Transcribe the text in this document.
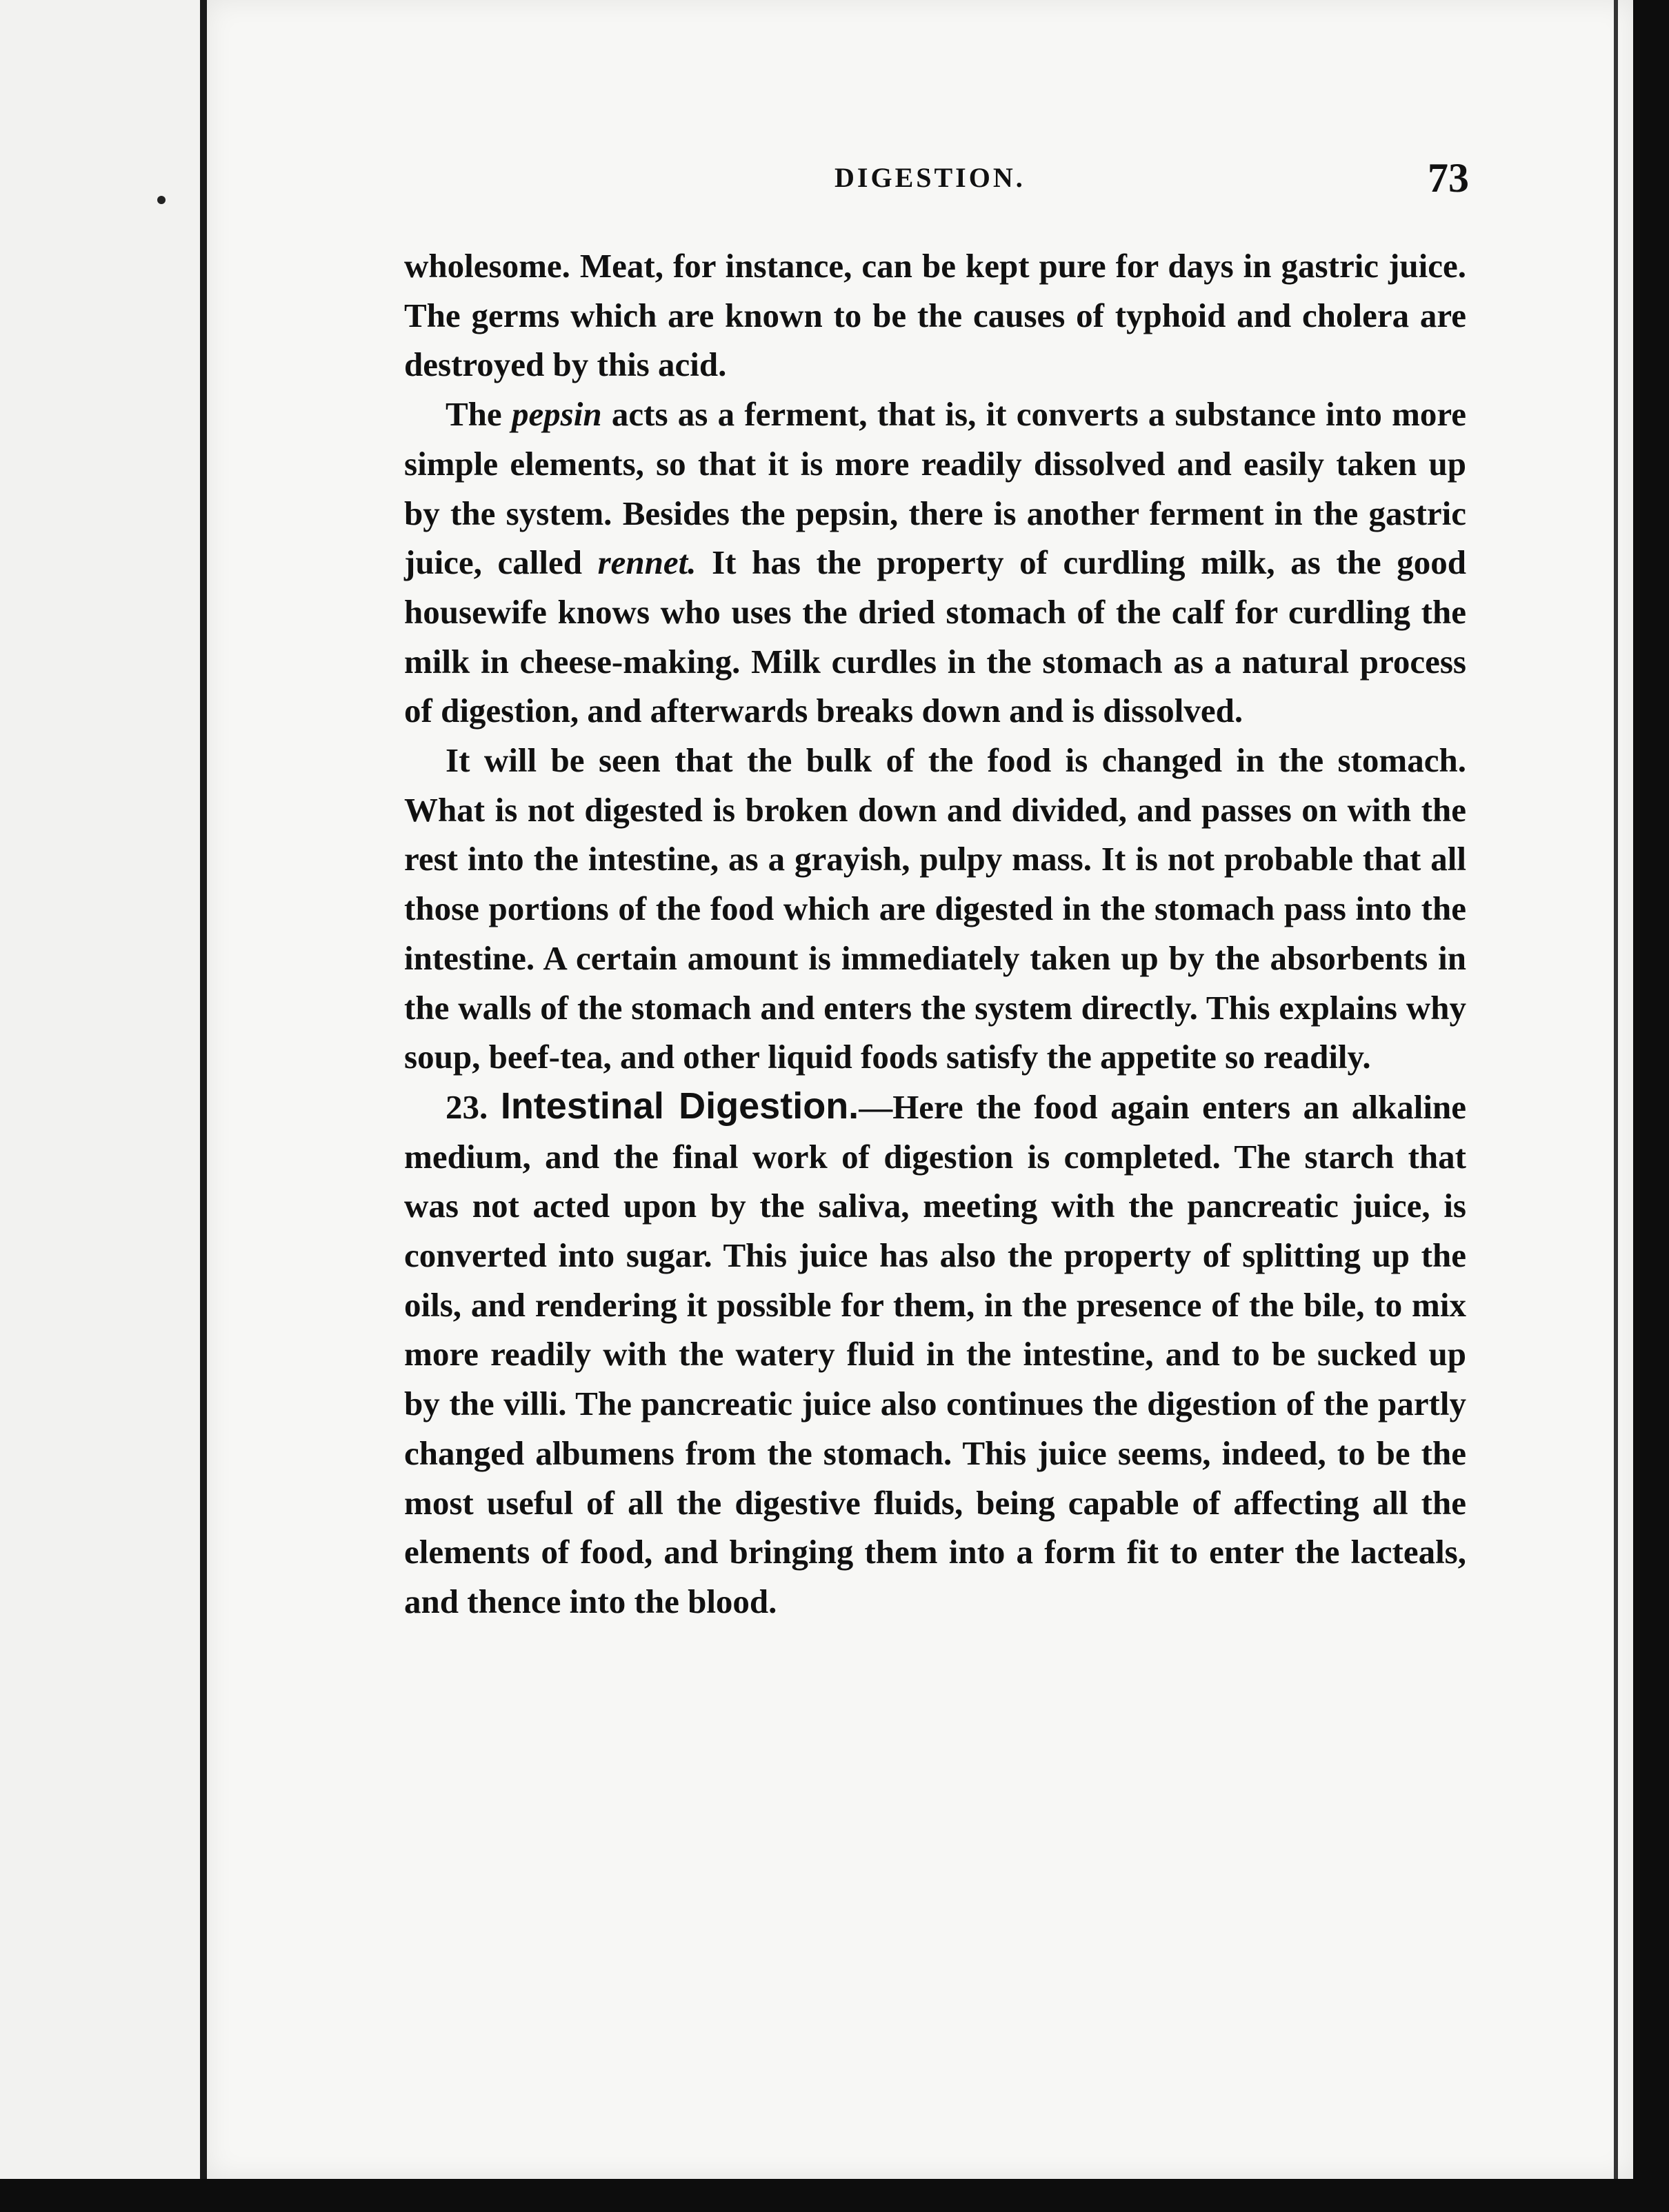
DIGESTION.	73

wholesome. Meat, for instance, can be kept pure for days in gastric juice. The germs which are known to be the causes of typhoid and cholera are destroyed by this acid.

The pepsin acts as a ferment, that is, it converts a substance into more simple elements, so that it is more readily dissolved and easily taken up by the system. Besides the pepsin, there is another ferment in the gastric juice, called rennet. It has the property of curdling milk, as the good housewife knows who uses the dried stomach of the calf for curdling the milk in cheese-making. Milk curdles in the stomach as a natural process of digestion, and afterwards breaks down and is dissolved.

It will be seen that the bulk of the food is changed in the stomach. What is not digested is broken down and divided, and passes on with the rest into the intestine, as a grayish, pulpy mass. It is not probable that all those portions of the food which are digested in the stomach pass into the intestine. A certain amount is immediately taken up by the absorbents in the walls of the stomach and enters the system directly. This explains why soup, beef-tea, and other liquid foods satisfy the appetite so readily.

23. Intestinal Digestion.—Here the food again enters an alkaline medium, and the final work of digestion is completed. The starch that was not acted upon by the saliva, meeting with the pancreatic juice, is converted into sugar. This juice has also the property of splitting up the oils, and rendering it possible for them, in the presence of the bile, to mix more readily with the watery fluid in the intestine, and to be sucked up by the villi. The pancreatic juice also continues the digestion of the partly changed albumens from the stomach. This juice seems, indeed, to be the most useful of all the digestive fluids, being capable of affecting all the elements of food, and bringing them into a form fit to enter the lacteals, and thence into the blood.
